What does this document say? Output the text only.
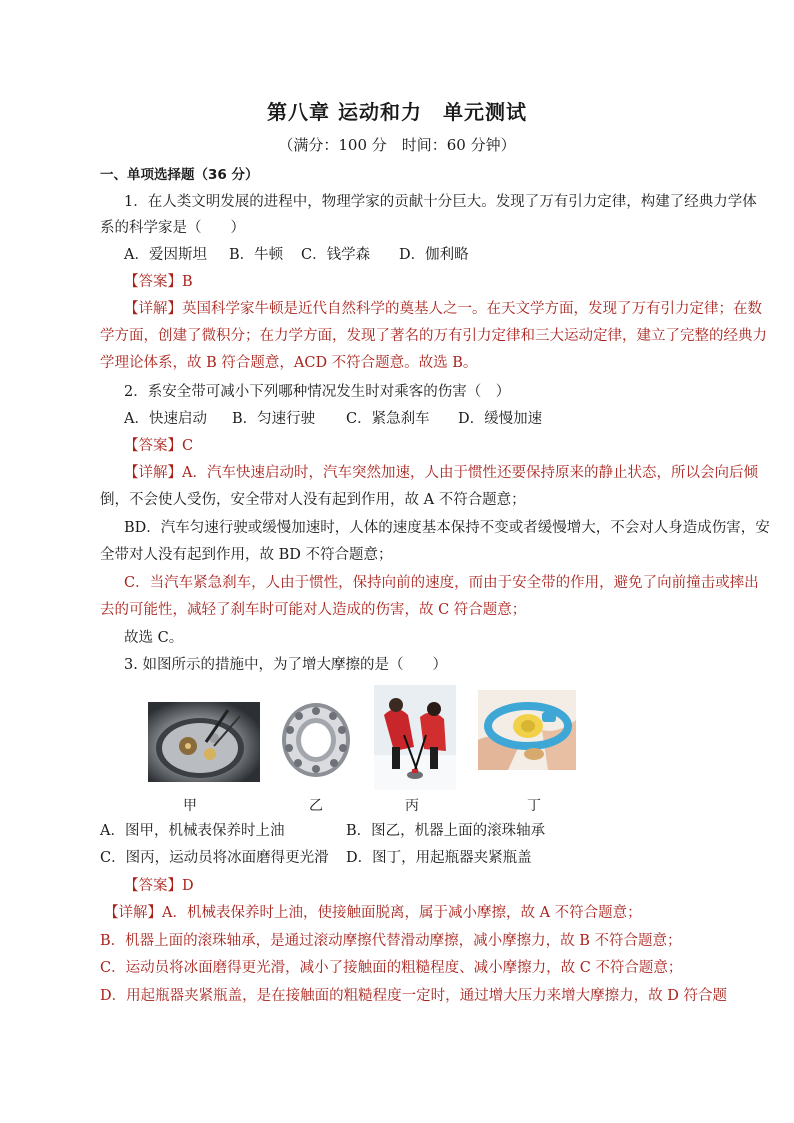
第八章 运动和力　单元测试
（满分：100 分　时间：60 分钟）
一、单项选择题（36 分）
1．在人类文明发展的进程中，物理学家的贡献十分巨大。发现了万有引力定律，构建了经典力学体
系的科学家是（　　）
A．爱因斯坦 B．牛顿 C．钱学森 D．伽利略
【答案】B
【详解】英国科学家牛顿是近代自然科学的奠基人之一。在天文学方面，发现了万有引力定律；在数
学方面，创建了微积分；在力学方面，发现了著名的万有引力定律和三大运动定律，建立了完整的经典力
学理论体系，故 B 符合题意，ACD 不符合题意。故选 B。
2．系安全带可减小下列哪种情况发生时对乘客的伤害（　）
A．快速启动 B．匀速行驶 C．紧急刹车 D．缓慢加速
【答案】C
【详解】A．汽车快速启动时，汽车突然加速，人由于惯性还要保持原来的静止状态，所以会向后倾
倒，不会使人受伤，安全带对人没有起到作用，故 A 不符合题意；
BD．汽车匀速行驶或缓慢加速时，人体的速度基本保持不变或者缓慢增大，不会对人身造成伤害，安
全带对人没有起到作用，故 BD 不符合题意；
C．当汽车紧急刹车，人由于惯性，保持向前的速度，而由于安全带的作用，避免了向前撞击或摔出
去的可能性，减轻了刹车时可能对人造成的伤害，故 C 符合题意；
故选 C。
3. 如图所示的措施中，为了增大摩擦的是（　　）
甲	乙	丙	丁
A．图甲，机械表保养时上油	B．图乙，机器上面的滚珠轴承
C．图丙，运动员将冰面磨得更光滑 D．图丁，用起瓶器夹紧瓶盖
【答案】D
【详解】A．机械表保养时上油，使接触面脱离，属于减小摩擦，故 A 不符合题意；
B．机器上面的滚珠轴承，是通过滚动摩擦代替滑动摩擦，减小摩擦力，故 B 不符合题意；
C．运动员将冰面磨得更光滑，减小了接触面的粗糙程度、减小摩擦力，故 C 不符合题意；
D．用起瓶器夹紧瓶盖，是在接触面的粗糙程度一定时，通过增大压力来增大摩擦力，故 D 符合题
